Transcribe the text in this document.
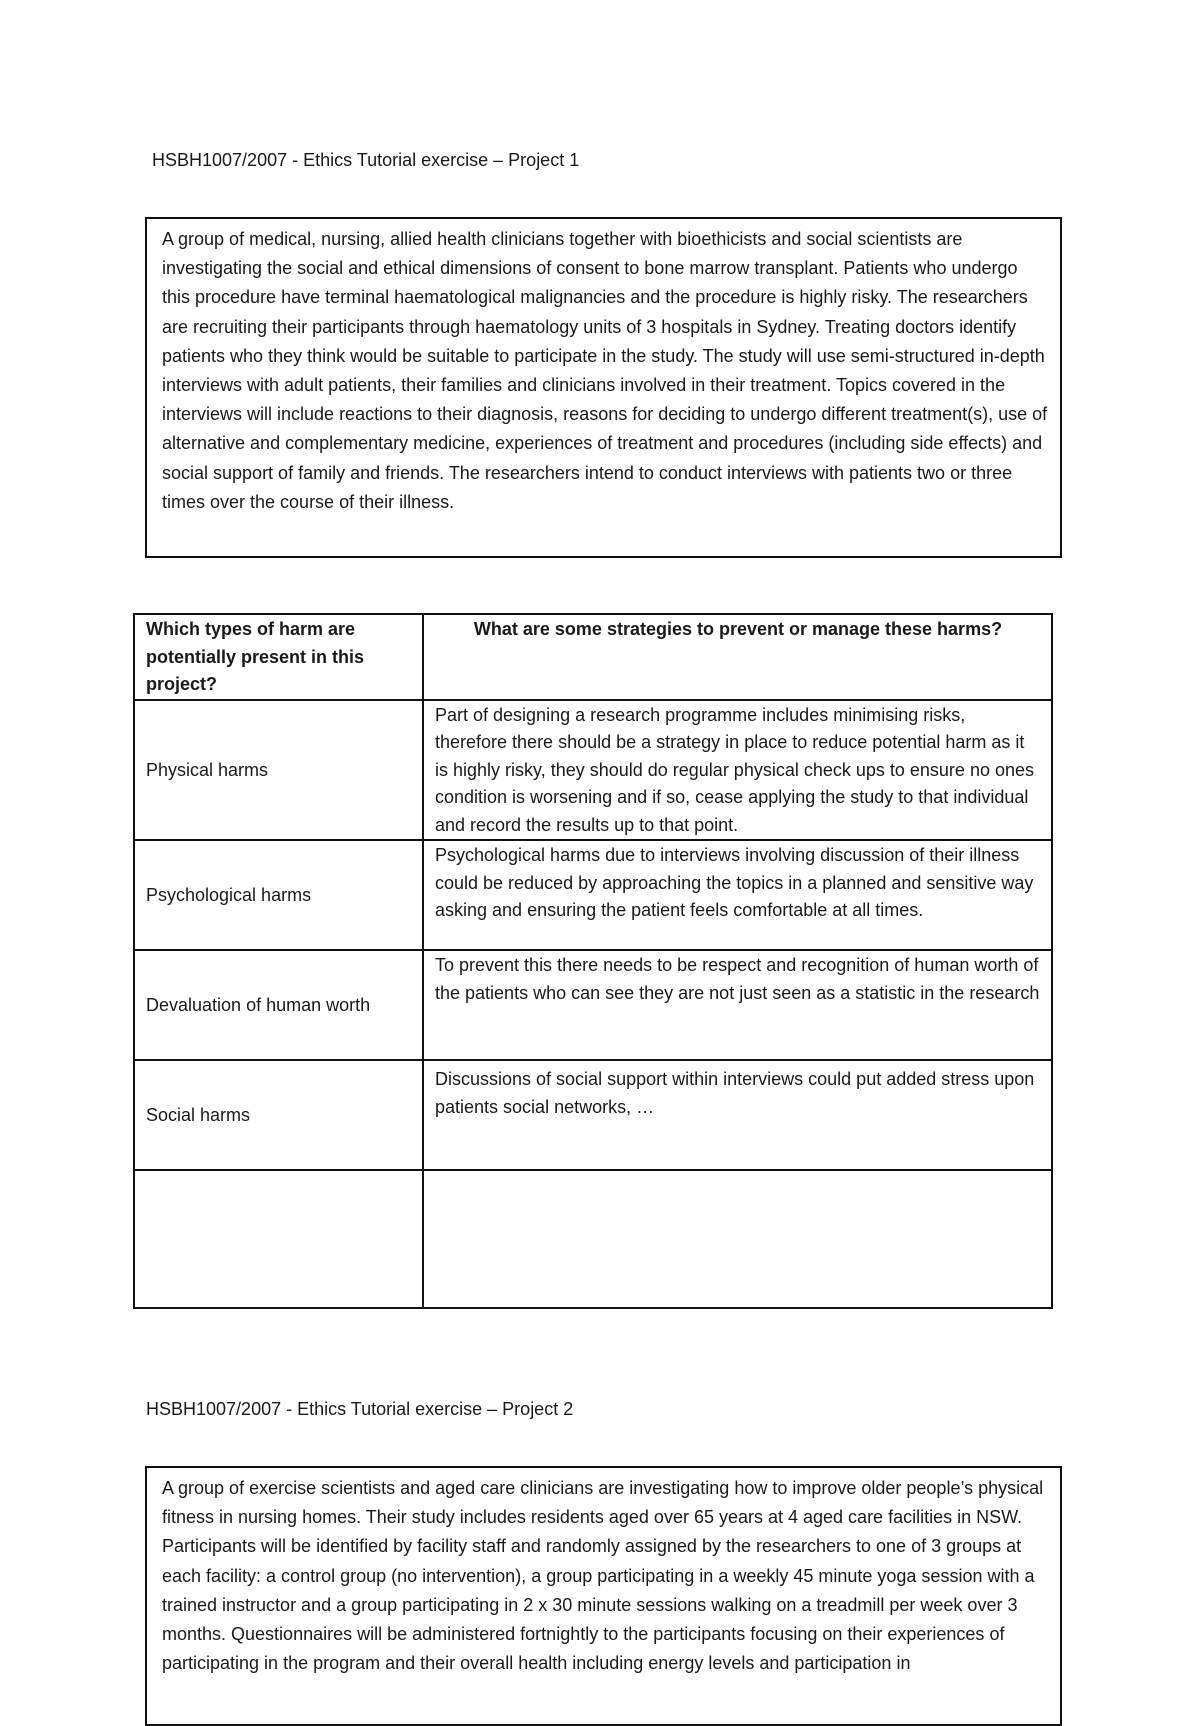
HSBH1007/2007 - Ethics Tutorial exercise – Project 1

A group of medical, nursing, allied health clinicians together with bioethicists and social scientists are investigating the social and ethical dimensions of consent to bone marrow transplant. Patients who undergo this procedure have terminal haematological malignancies and the procedure is highly risky. The researchers are recruiting their participants through haematology units of 3 hospitals in Sydney. Treating doctors identify patients who they think would be suitable to participate in the study. The study will use semi-structured in-depth interviews with adult patients, their families and clinicians involved in their treatment. Topics covered in the interviews will include reactions to their diagnosis, reasons for deciding to undergo different treatment(s), use of alternative and complementary medicine, experiences of treatment and procedures (including side effects) and social support of family and friends. The researchers intend to conduct interviews with patients two or three times over the course of their illness.

Which types of harm are potentially present in this project?	What are some strategies to prevent or manage these harms?
Physical harms	Part of designing a research programme includes minimising risks, therefore there should be a strategy in place to reduce potential harm as it is highly risky, they should do regular physical check ups to ensure no ones condition is worsening and if so, cease applying the study to that individual and record the results up to that point.
Psychological harms	Psychological harms due to interviews involving discussion of their illness could be reduced by approaching the topics in a planned and sensitive way asking and ensuring the patient feels comfortable at all times.
Devaluation of human worth	To prevent this there needs to be respect and recognition of human worth of the patients who can see they are not just seen as a statistic in the research
Social harms	Discussions of social support within interviews could put added stress upon patients social networks, …

HSBH1007/2007 - Ethics Tutorial exercise – Project 2

A group of exercise scientists and aged care clinicians are investigating how to improve older people’s physical fitness in nursing homes. Their study includes residents aged over 65 years at 4 aged care facilities in NSW. Participants will be identified by facility staff and randomly assigned by the researchers to one of 3 groups at each facility: a control group (no intervention), a group participating in a weekly 45 minute yoga session with a trained instructor and a group participating in 2 x 30 minute sessions walking on a treadmill per week over 3 months. Questionnaires will be administered fortnightly to the participants focusing on their experiences of participating in the program and their overall health including energy levels and participation in
